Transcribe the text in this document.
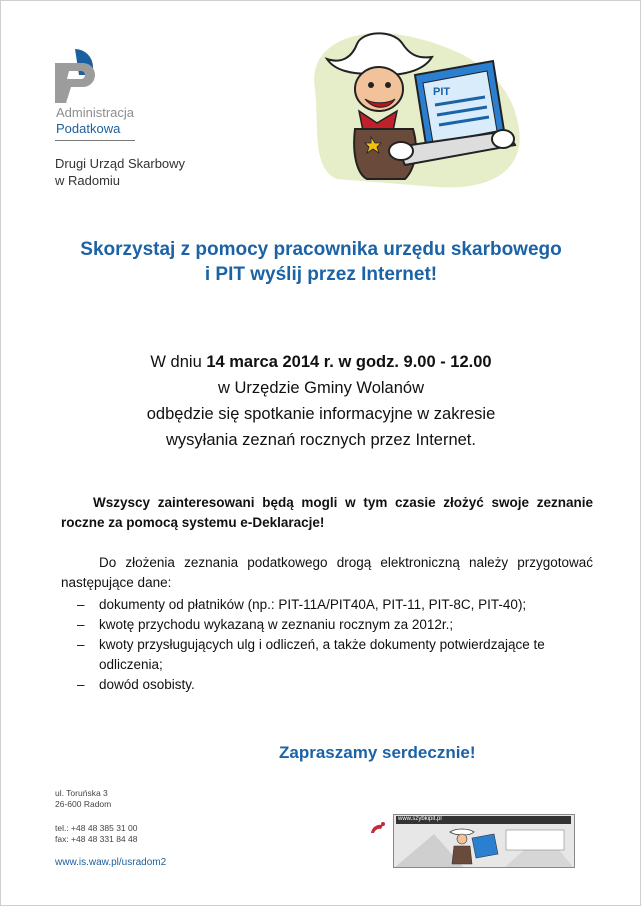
Administracja
Podatkowa
Drugi Urząd Skarbowy
w Radomiu
PIT
Skorzystaj z pomocy pracownika urzędu skarbowego
i PIT wyślij przez Internet!
W dniu 14 marca 2014 r. w godz. 9.00 - 12.00
w Urzędzie Gminy Wolanów
odbędzie się spotkanie informacyjne w zakresie
wysyłania zeznań rocznych przez Internet.
Wszyscy zainteresowani będą mogli w tym czasie złożyć swoje zeznanie roczne za pomocą systemu e-Deklaracje!
Do złożenia zeznania podatkowego drogą elektroniczną należy przygotować następujące dane:
– dokumenty od płatników (np.: PIT-11A/PIT40A, PIT-11, PIT-8C, PIT-40);
– kwotę przychodu wykazaną w zeznaniu rocznym za 2012r.;
– kwoty przysługujących ulg i odliczeń, a także dokumenty potwierdzające te odliczenia;
– dowód osobisty.
Zapraszamy serdecznie!
ul. Toruńska 3
26-600 Radom
tel.: +48 48 385 31 00
fax: +48 48 331 84 48
www.is.waw.pl/usradom2
www.szybkipit.pl
